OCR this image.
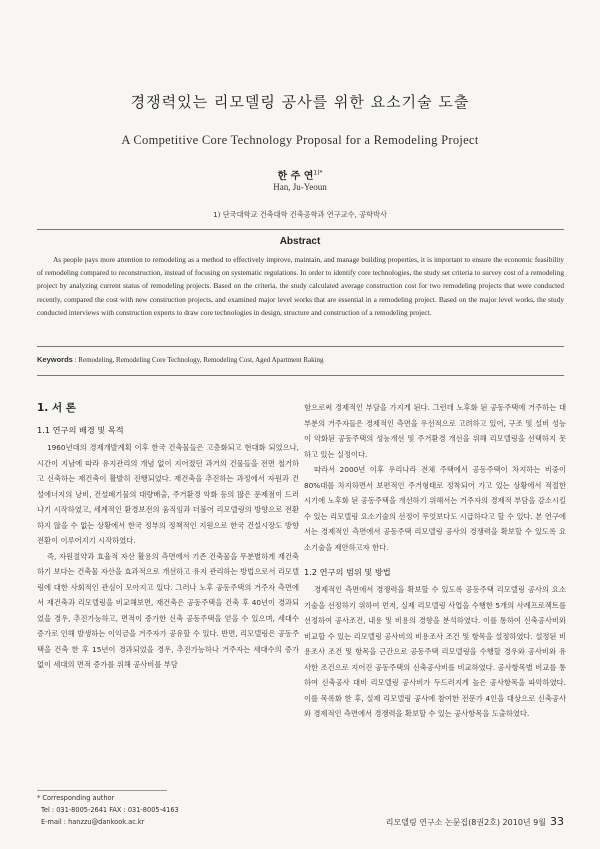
경쟁력있는 리모델링 공사를 위한 요소기술 도출
A Competitive Core Technology Proposal for a Remodeling Project
한 주 연$^{1)*}$
Han, Ju-Yeoun
1) 단국대학교 건축대학 건축공학과 연구교수, 공학박사
Abstract
As people pays more attention to remodeling as a method to effectively improve, maintain, and manage building properties, it is important to ensure the economic feasibility of remodeling compared to reconstruction, instead of focusing on systematic regulations. In order to identify core technologies, the study set criteria to survey cost of a remodeling project by analyzing current status of remodeling projects. Based on the criteria, the study calculated average construction cost for two remodeling projects that were conducted recently, compared the cost with new construction projects, and examined major level works that are essential in a remodeling project. Based on the major level works, the study conducted interviews with construction experts to draw core technologies in design, structure and construction of a remodeling project.
Keywords : Remodeling, Remodeling Core Technology, Remodeling Cost, Aged Apartment Raking
1. 서 론
1.1 연구의 배경 및 목적

1960년대의 경제개발계획 이후 한국 건축물들은 고층화되고 현대화 되었으나, 시간이 지남에 따라 유지관리의 개념 없이 지어졌던 과거의 건물들을 전면 철거하고 신축하는 재건축이 활발히 진행되었다. 재건축을 추진하는 과정에서 자원과 건설에너지의 낭비, 건설폐기물의 대량배출, 주거환경 악화 등의 많은 문제점이 드러나기 시작하였고, 세계적인 환경보전의 움직임과 더불어 리모델링의 방향으로 전환하지 않을 수 없는 상황에서 한국 정부의 정책적인 지원으로 한국 건설시장도 방향전환이 이루어지기 시작하였다.

즉, 자원절약과 효율적 자산 활용의 측면에서 기존 건축물을 무분별하게 재건축하기 보다는 건축물 자산을 효과적으로 개선하고 유지 관리하는 방법으로서 리모델링에 대한 사회적인 관심이 모아지고 있다. 그러나 노후 공동주택의 거주자 측면에서 재건축과 리모델링을 비교해보면, 재건축은 공동주택을 건축 후 40년이 경과되었을 경우, 추진가능하고, 면적이 증가한 신축 공동주택을 얻을 수 있으며, 세대수 증가로 인해 발생하는 이익금을 거주자가 공유할 수 있다. 반면, 리모델링은 공동주택을 건축 한 후 15년이 경과되었을 경우, 추진가능하나 거주자는 세대수의 증가 없이 세대의 면적 증가를 위해 공사비를 부담

함으로써 경제적인 부담을 가지게 된다. 그런데 노후화 된 공동주택에 거주하는 대부분의 거주자들은 경제적인 측면을 우선적으로 고려하고 있어, 구조 및 설비 성능이 악화된 공동주택의 성능개선 및 주거환경 개선을 위해 리모델링을 선택하지 못하고 있는 실정이다.

따라서 2000년 이후 우리나라 전체 주택에서 공동주택이 차지하는 비중이 80%대를 차지하면서 보편적인 주거형태로 정착되어 가고 있는 상황에서 적절한 시기에 노후화 된 공동주택을 개선하기 위해서는 거주자의 경제적 부담을 감소시킬 수 있는 리모델링 요소기술의 선정이 무엇보다도 시급하다고 할 수 있다. 본 연구에서는 경제적인 측면에서 공동주택 리모델링 공사의 경쟁력을 확보할 수 있도록 요소기술을 제안하고자 한다.

1.2 연구의 범위 및 방법

경제적인 측면에서 경쟁력을 확보할 수 있도록 공동주택 리모델링 공사의 요소기술을 선정하기 위하여 먼저, 실제 리모델링 사업을 수행한 5개의 사례프로젝트를 선정하여 공사조건, 내용 및 비용의 경향을 분석하였다. 이를 통하여 신축공사비와 비교할 수 있는 리모델링 공사비의 비용조사 조건 및 항목을 설정하였다. 설정된 비용조사 조건 및 항목을 근간으로 공동주택 리모델링을 수행할 경우와 공사비와 유사한 조건으로 지어진 공동주택의 신축공사비를 비교하였다. 공사항목별 비교를 통하여 신축공사 대비 리모델링 공사비가 두드러지게 높은 공사항목을 파악하였다. 이를 목록화 한 후, 실제 리모델링 공사에 참여한 전문가 4인을 대상으로 신축공사와 경제적인 측면에서 경쟁력을 확보할 수 있는 공사항목을 도출하였다.

* Corresponding author
Tel : 031-8005-2641 FAX : 031-8005-4163
E-mail : hanzzu@dankook.ac.kr	리모델링 연구소 논문집(8권2호) 2010년 9월 33
